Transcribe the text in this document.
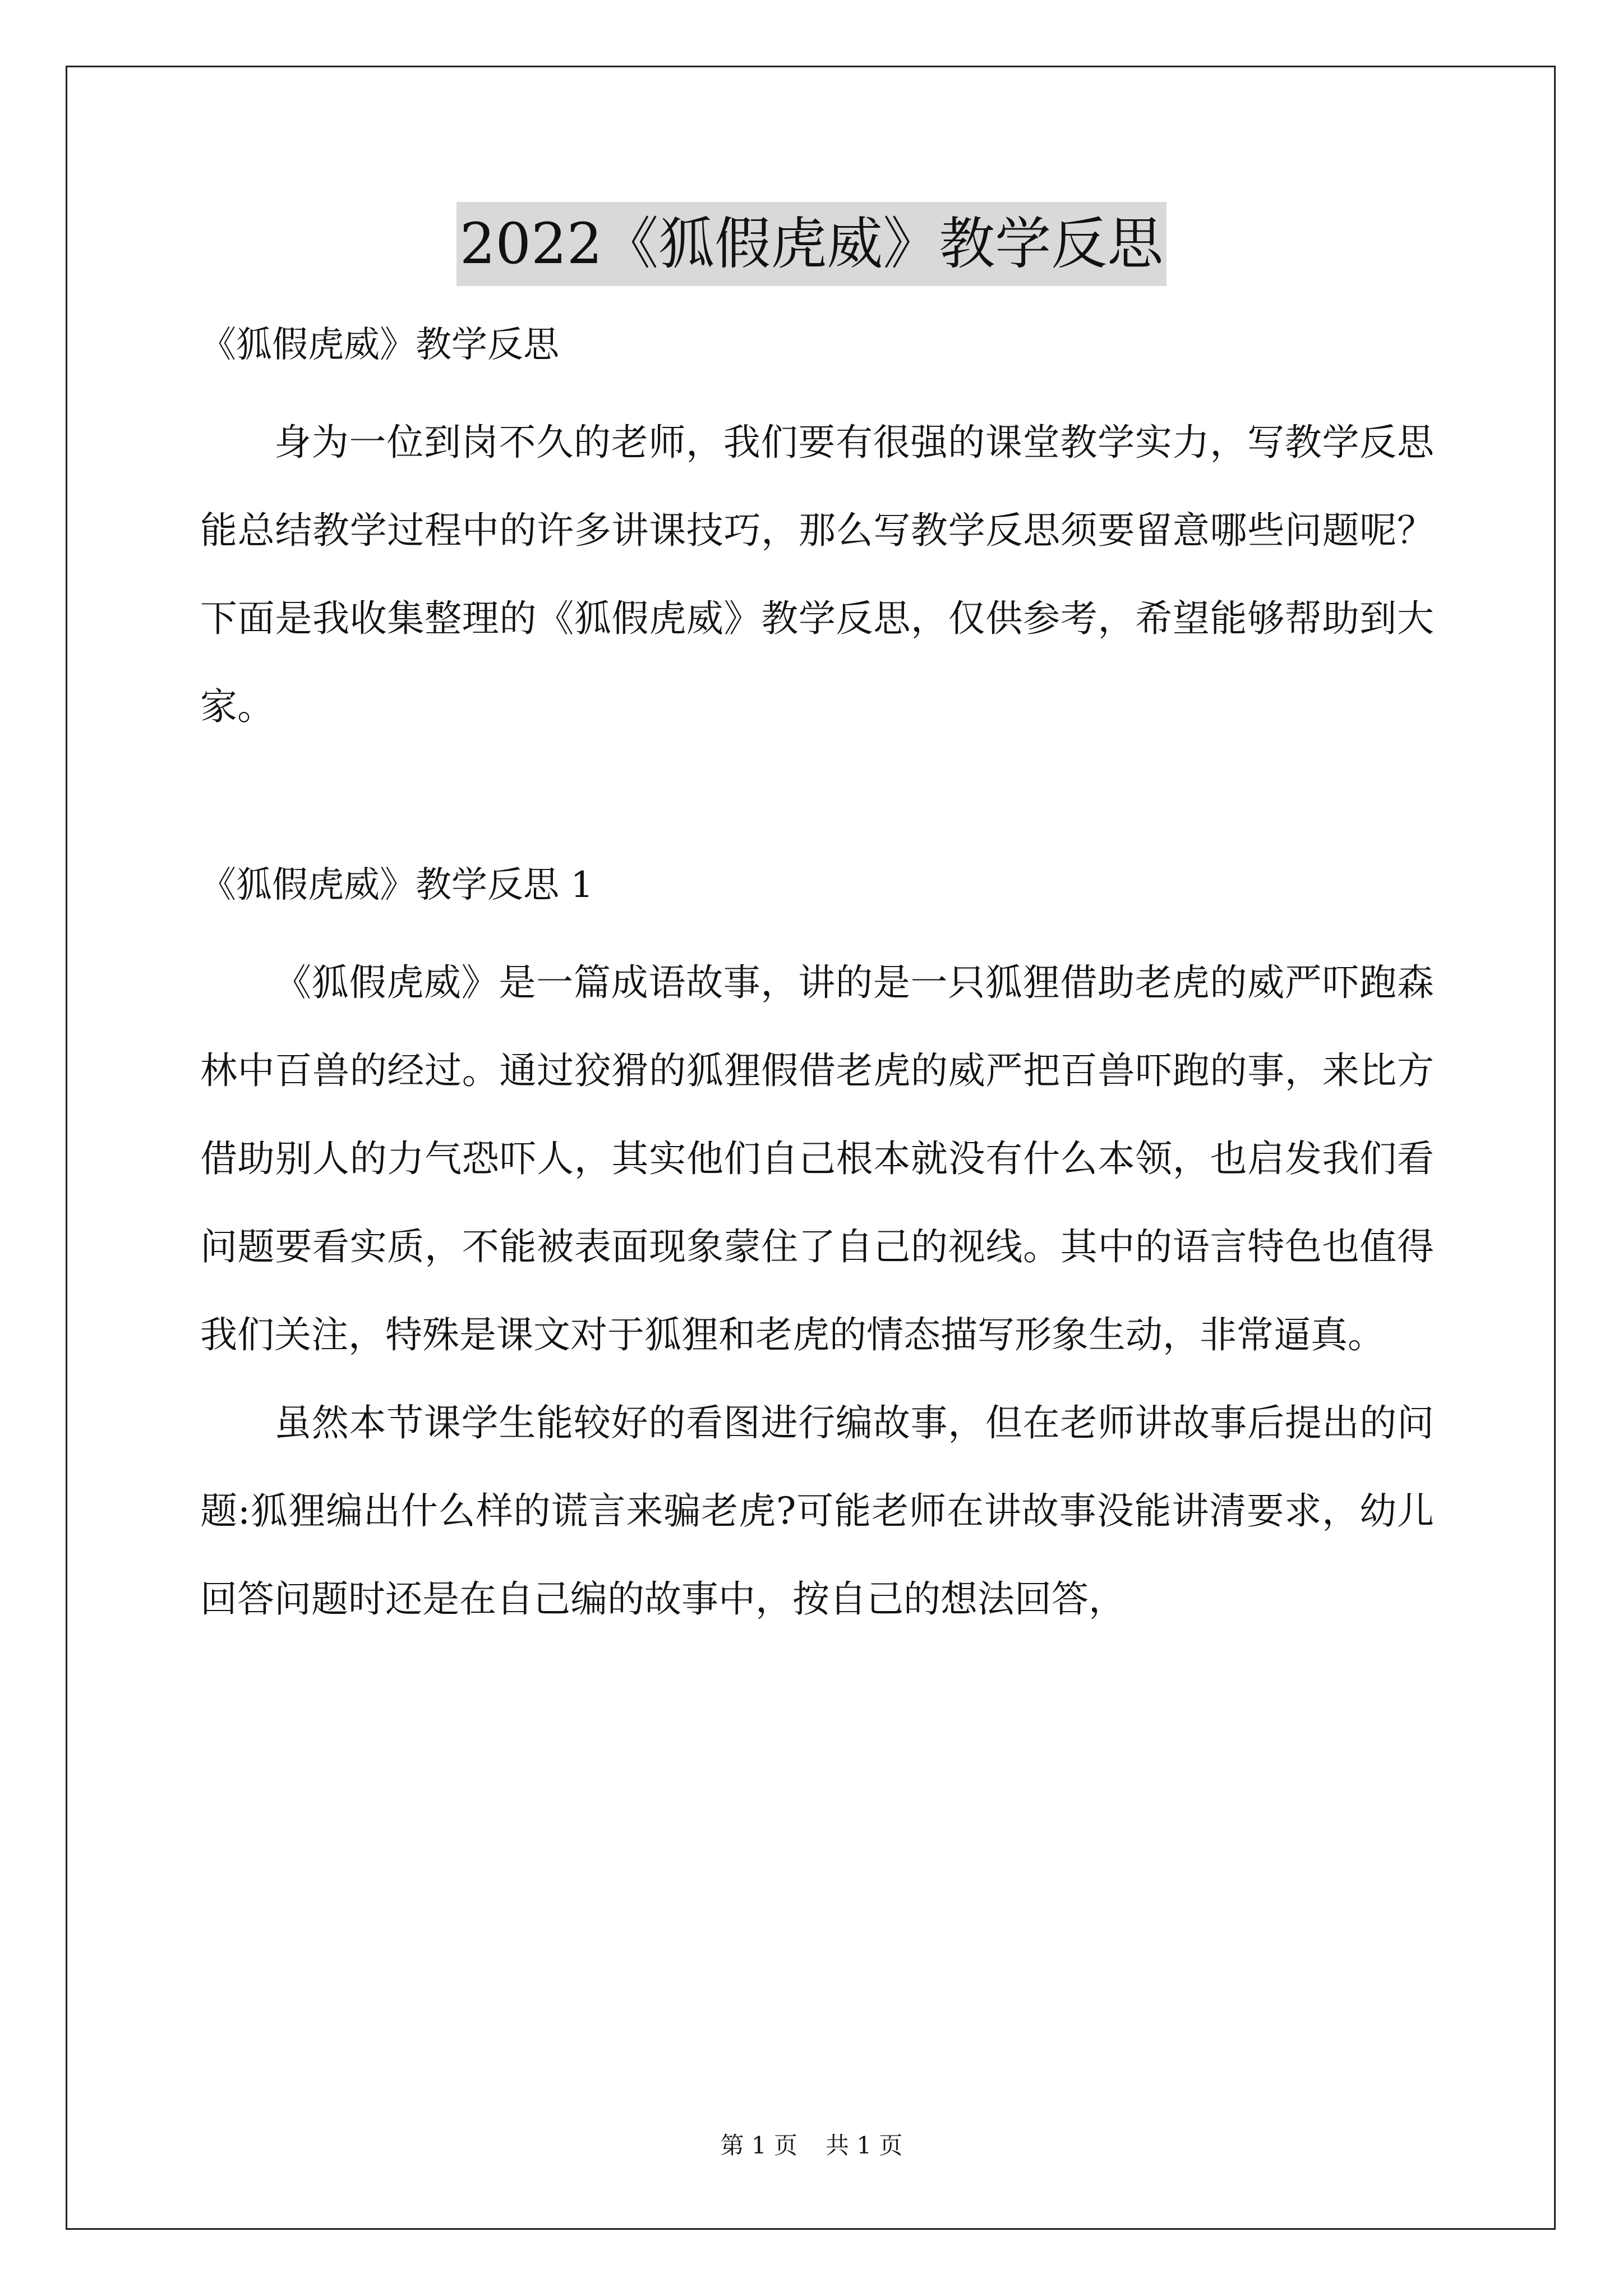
2022《狐假虎威》教学反思

《狐假虎威》教学反思

身为一位到岗不久的老师，我们要有很强的课堂教学实力，写教学反思能总结教学过程中的许多讲课技巧，那么写教学反思须要留意哪些问题呢？下面是我收集整理的《狐假虎威》教学反思，仅供参考，希望能够帮助到大家。

《狐假虎威》教学反思 1

《狐假虎威》是一篇成语故事，讲的是一只狐狸借助老虎的威严吓跑森林中百兽的经过。通过狡猾的狐狸假借老虎的威严把百兽吓跑的事，来比方借助别人的力气恐吓人，其实他们自己根本就没有什么本领，也启发我们看问题要看实质，不能被表面现象蒙住了自己的视线。其中的语言特色也值得我们关注，特殊是课文对于狐狸和老虎的情态描写形象生动，非常逼真。

虽然本节课学生能较好的看图进行编故事，但在老师讲故事后提出的问题:狐狸编出什么样的谎言来骗老虎?可能老师在讲故事没能讲清要求，幼儿回答问题时还是在自己编的故事中，按自己的想法回答，

第 1 页 共 1 页
